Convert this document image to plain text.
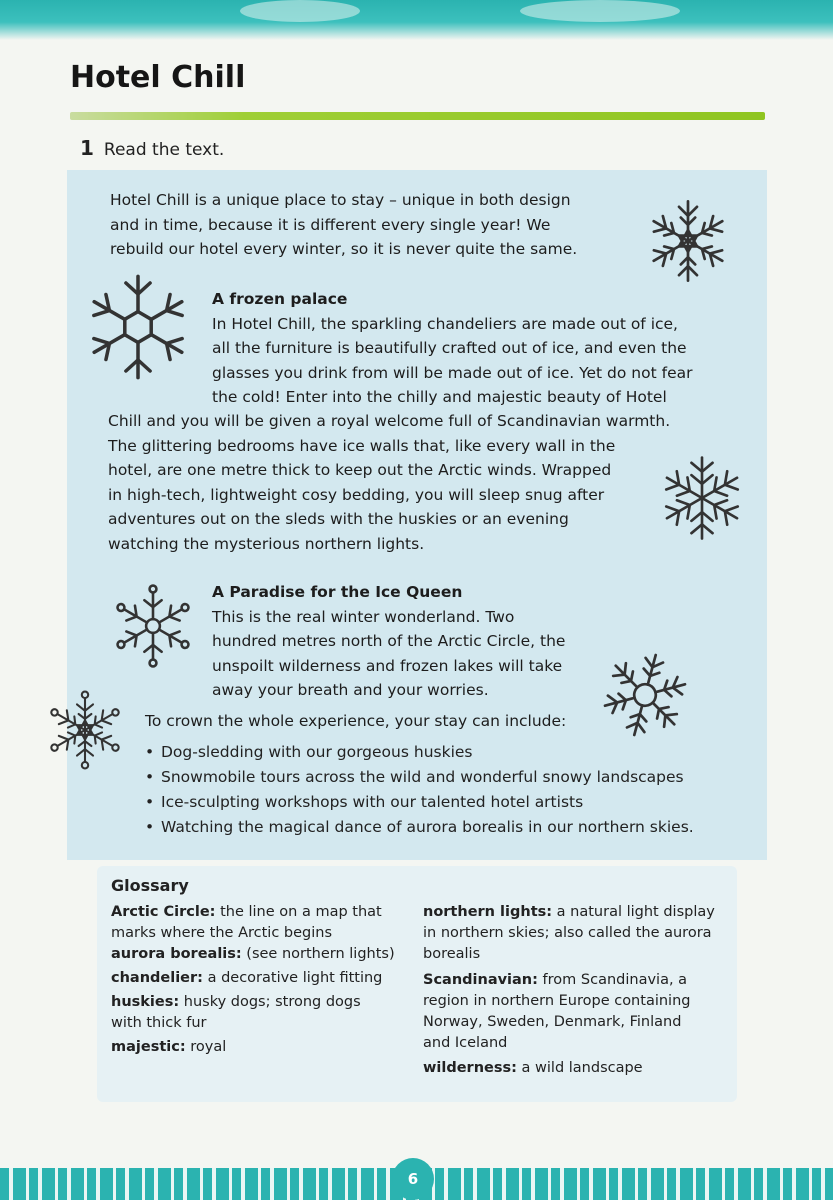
Hotel Chill
1 Read the text.
Hotel Chill is a unique place to stay – unique in both design
and in time, because it is different every single year! We
rebuild our hotel every winter, so it is never quite the same.
A frozen palace
In Hotel Chill, the sparkling chandeliers are made out of ice,
all the furniture is beautifully crafted out of ice, and even the
glasses you drink from will be made out of ice. Yet do not fear
the cold! Enter into the chilly and majestic beauty of Hotel
Chill and you will be given a royal welcome full of Scandinavian warmth.
The glittering bedrooms have ice walls that, like every wall in the
hotel, are one metre thick to keep out the Arctic winds. Wrapped
in high-tech, lightweight cosy bedding, you will sleep snug after
adventures out on the sleds with the huskies or an evening
watching the mysterious northern lights.
A Paradise for the Ice Queen
This is the real winter wonderland. Two
hundred metres north of the Arctic Circle, the
unspoilt wilderness and frozen lakes will take
away your breath and your worries.
To crown the whole experience, your stay can include:
• Dog-sledding with our gorgeous huskies
• Snowmobile tours across the wild and wonderful snowy landscapes
• Ice-sculpting workshops with our talented hotel artists
• Watching the magical dance of aurora borealis in our northern skies.
Glossary

Arctic Circle: the line on a map that
marks where the Arctic begins

aurora borealis: (see northern lights)

chandelier: a decorative light fitting

huskies: husky dogs; strong dogs
with thick fur

majestic: royal

northern lights: a natural light display
in northern skies; also called the aurora
borealis

Scandinavian: from Scandinavia, a
region in northern Europe containing
Norway, Sweden, Denmark, Finland
and Iceland

wilderness: a wild landscape

6
